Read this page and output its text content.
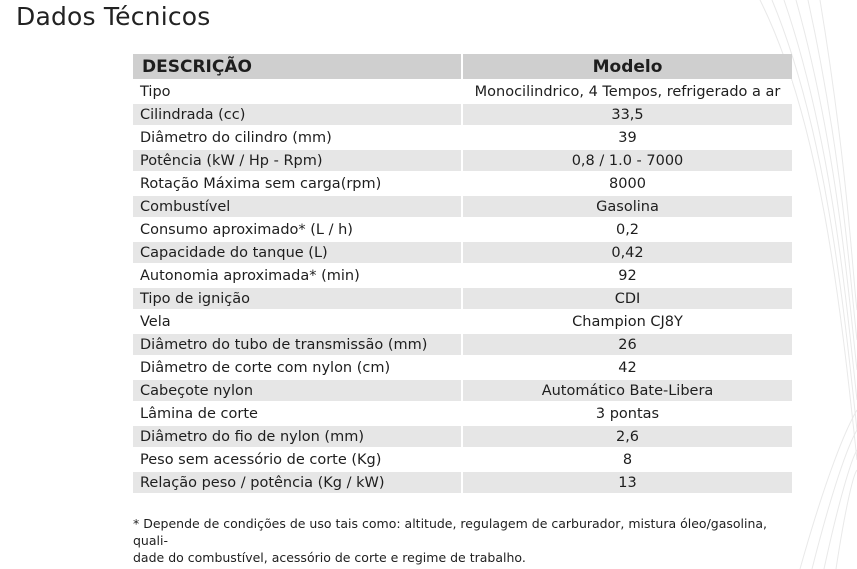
Dados Técnicos
DESCRIÇÃO	Modelo
Tipo	Monocilindrico, 4 Tempos, refrigerado a ar
Cilindrada (cc)	33,5
Diâmetro do cilindro (mm)	39
Potência (kW / Hp - Rpm)	0,8 / 1.0 - 7000
Rotação Máxima sem carga(rpm)	8000
Combustível	Gasolina
Consumo aproximado* (L / h)	0,2
Capacidade do tanque (L)	0,42
Autonomia aproximada* (min)	92
Tipo de ignição	CDI
Vela	Champion CJ8Y
Diâmetro do tubo de transmissão (mm)	26
Diâmetro de corte com nylon (cm)	42
Cabeçote nylon	Automático Bate-Libera
Lâmina de corte	3 pontas
Diâmetro do fio de nylon (mm)	2,6
Peso sem acessório de corte (Kg)	8
Relação peso / potência (Kg / kW)	13
* Depende de condições de uso tais como: altitude, regulagem de carburador, mistura óleo/gasolina, quali-
dade do combustível, acessório de corte e regime de trabalho.
